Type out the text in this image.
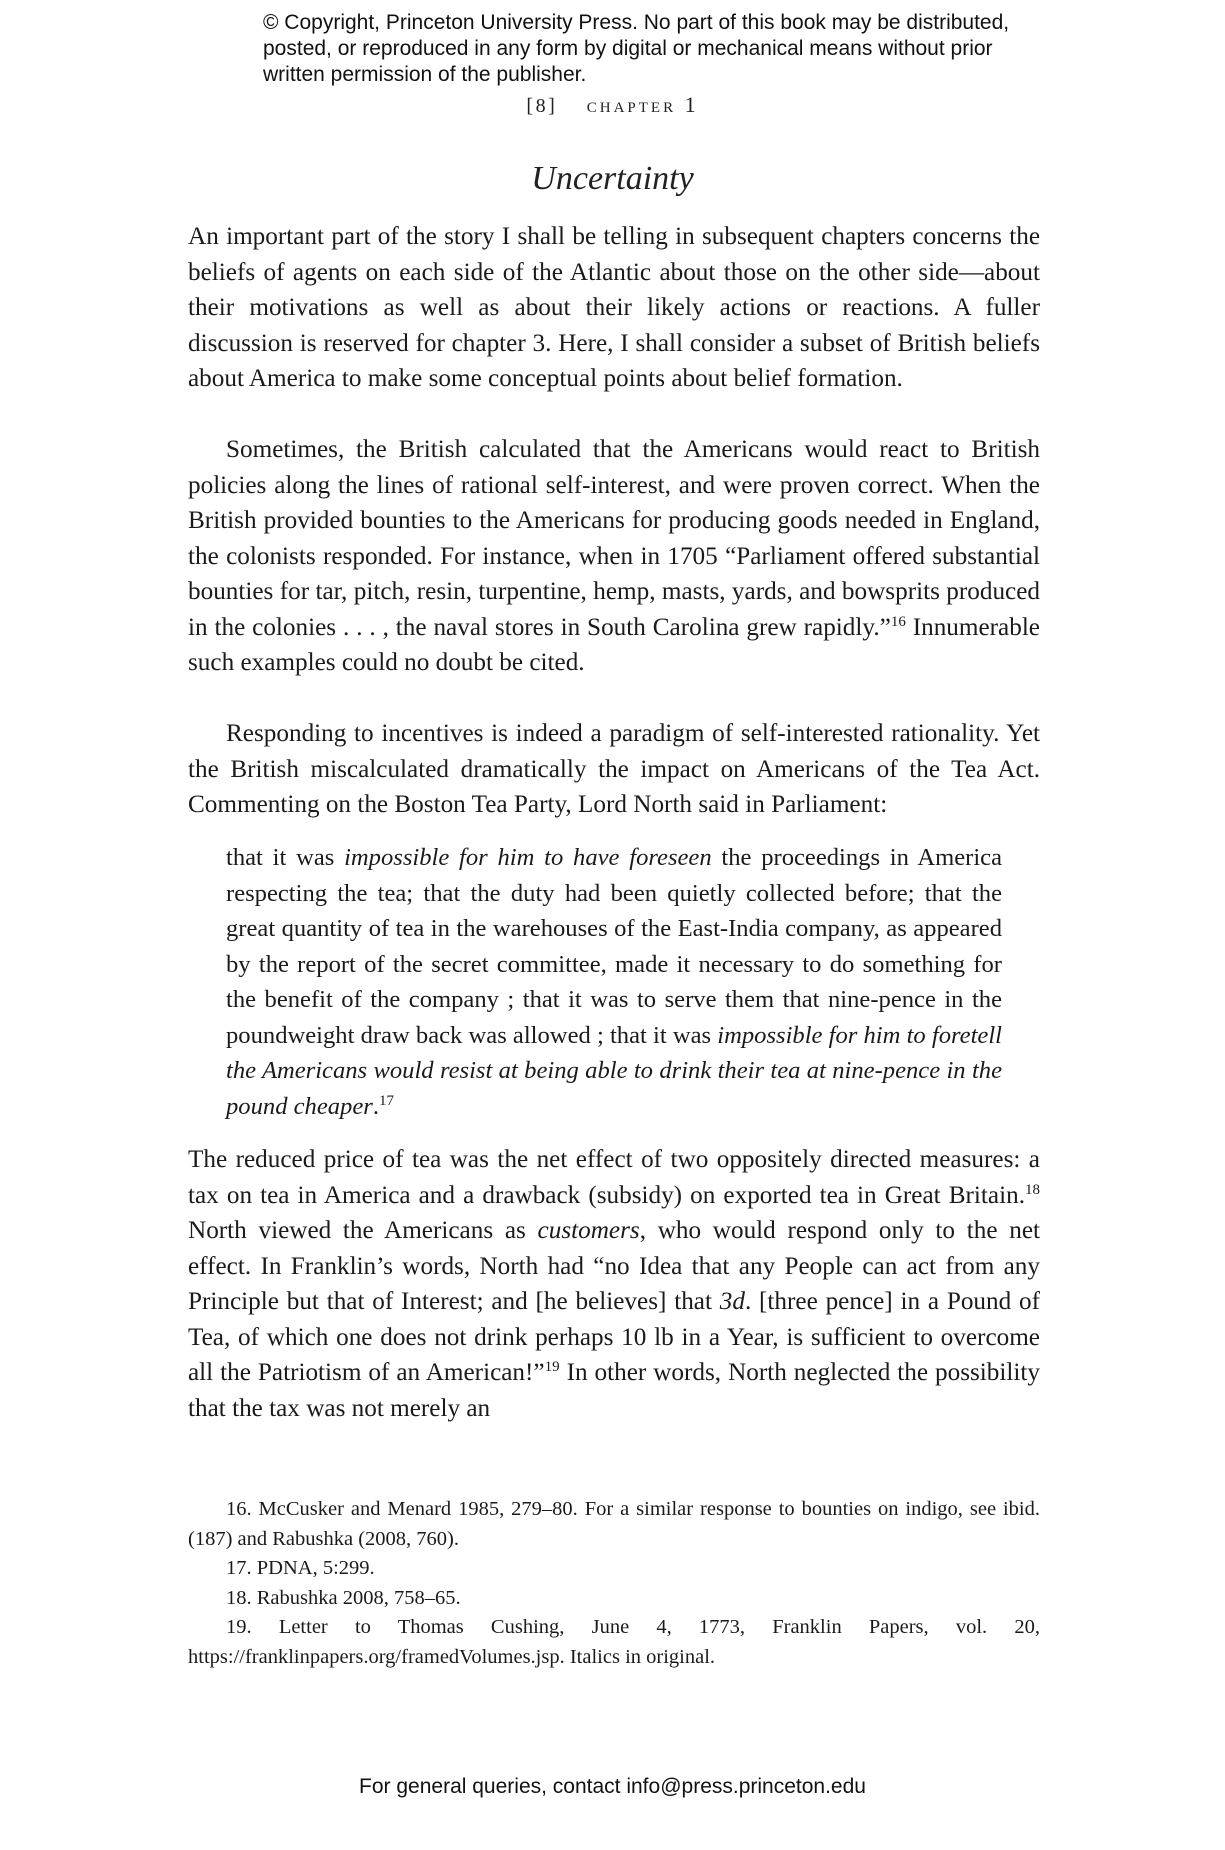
© Copyright, Princeton University Press. No part of this book may be distributed, posted, or reproduced in any form by digital or mechanical means without prior written permission of the publisher.
[8] chapter 1
Uncertainty

An important part of the story I shall be telling in subsequent chapters concerns the beliefs of agents on each side of the Atlantic about those on the other side—about their motivations as well as about their likely actions or reactions. A fuller discussion is reserved for chapter 3. Here, I shall consider a subset of British beliefs about America to make some conceptual points about belief formation.

Sometimes, the British calculated that the Americans would react to British policies along the lines of rational self-interest, and were proven correct. When the British provided bounties to the Americans for producing goods needed in England, the colonists responded. For instance, when in 1705 “Parliament offered substantial bounties for tar, pitch, resin, turpentine, hemp, masts, yards, and bowsprits produced in the colonies . . . , the naval stores in South Carolina grew rapidly.”$^{16}$ Innumerable such examples could no doubt be cited.

Responding to incentives is indeed a paradigm of self-interested rationality. Yet the British miscalculated dramatically the impact on Americans of the Tea Act. Commenting on the Boston Tea Party, Lord North said in Parliament:

that it was impossible for him to have foreseen the proceedings in America respecting the tea; that the duty had been quietly collected before; that the great quantity of tea in the warehouses of the East-India company, as appeared by the report of the secret committee, made it necessary to do something for the benefit of the company ; that it was to serve them that nine-pence in the poundweight draw back was allowed ; that it was impossible for him to foretell the Americans would resist at being able to drink their tea at nine-pence in the pound cheaper.$^{17}$

The reduced price of tea was the net effect of two oppositely directed measures: a tax on tea in America and a drawback (subsidy) on exported tea in Great Britain.$^{18}$ North viewed the Americans as customers, who would respond only to the net effect. In Franklin’s words, North had “no Idea that any People can act from any Principle but that of Interest; and [he believes] that 3d. [three pence] in a Pound of Tea, of which one does not drink perhaps 10 lb in a Year, is sufficient to overcome all the Patriotism of an American!”$^{19}$ In other words, North neglected the possibility that the tax was not merely an

16. McCusker and Menard 1985, 279–80. For a similar response to bounties on indigo, see ibid. (187) and Rabushka (2008, 760).

17. PDNA, 5:299.

18. Rabushka 2008, 758–65.

19. Letter to Thomas Cushing, June 4, 1773, Franklin Papers, vol. 20, https://franklinpapers.org/framedVolumes.jsp. Italics in original.

For general queries, contact info@press.princeton.edu
